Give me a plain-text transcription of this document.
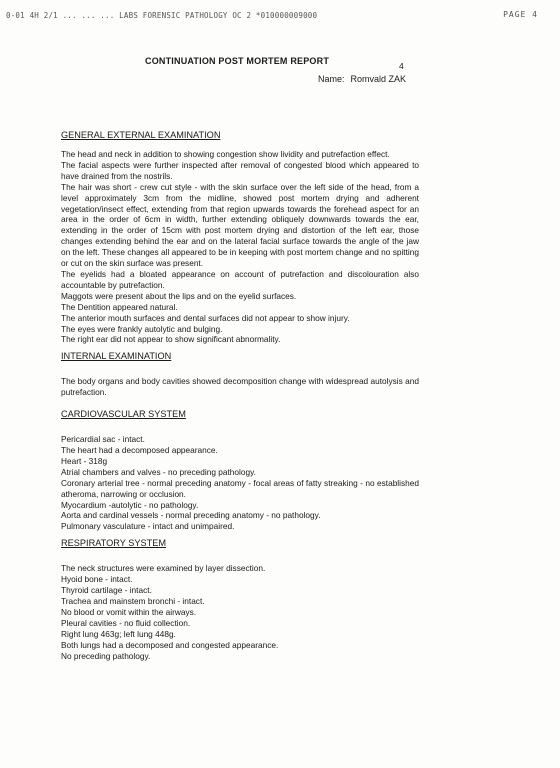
0-01 4H 2/1 ... ... ... LABS FORENSIC PATHOLOGY OC 2 *010000009000	PAGE 4
CONTINUATION POST MORTEM REPORT	4
Name: Romvald ZAK
GENERAL EXTERNAL EXAMINATION

The head and neck in addition to showing congestion show lividity and putrefaction effect.

The facial aspects were further inspected after removal of congested blood which appeared to have drained from the nostrils.

The hair was short - crew cut style - with the skin surface over the left side of the head, from a level approximately 3cm from the midline, showed post mortem drying and adherent vegetation/insect effect, extending from that region upwards towards the forehead aspect for an area in the order of 6cm in width, further extending obliquely downwards towards the ear, extending in the order of 15cm with post mortem drying and distortion of the left ear, those changes extending behind the ear and on the lateral facial surface towards the angle of the jaw on the left. These changes all appeared to be in keeping with post mortem change and no spitting or cut on the skin surface was present.

The eyelids had a bloated appearance on account of putrefaction and discolouration also accountable by putrefaction.

Maggots were present about the lips and on the eyelid surfaces.

The Dentition appeared natural.

The anterior mouth surfaces and dental surfaces did not appear to show injury.

The eyes were frankly autolytic and bulging.

The right ear did not appear to show significant abnormality.

INTERNAL EXAMINATION

The body organs and body cavities showed decomposition change with widespread autolysis and putrefaction.

CARDIOVASCULAR SYSTEM

Pericardial sac - intact.

The heart had a decomposed appearance.

Heart - 318g

Atrial chambers and valves - no preceding pathology.

Coronary arterial tree - normal preceding anatomy - focal areas of fatty streaking - no established atheroma, narrowing or occlusion.

Myocardium -autolytic - no pathology.

Aorta and cardinal vessels - normal preceding anatomy - no pathology.

Pulmonary vasculature - intact and unimpaired.

RESPIRATORY SYSTEM

The neck structures were examined by layer dissection.

Hyoid bone - intact.

Thyroid cartilage - intact.

Trachea and mainstem bronchi - intact.

No blood or vomit within the airways.

Pleural cavities - no fluid collection.

Right lung 463g; left lung 448g.

Both lungs had a decomposed and congested appearance.

No preceding pathology.
